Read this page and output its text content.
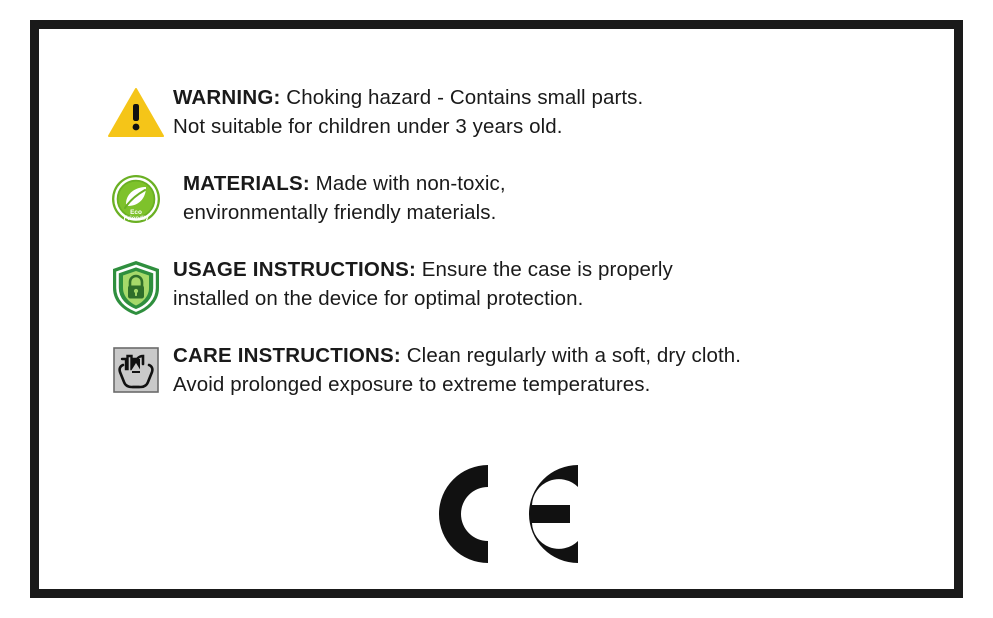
WARNING: Choking hazard - Contains small parts.
Not suitable for children under 3 years old.
Eco
Friendly
MATERIALS: Made with non-toxic,
environmentally friendly materials.
USAGE INSTRUCTIONS: Ensure the case is properly
installed on the device for optimal protection.
CARE INSTRUCTIONS: Clean regularly with a soft, dry cloth.
Avoid prolonged exposure to extreme temperatures.
